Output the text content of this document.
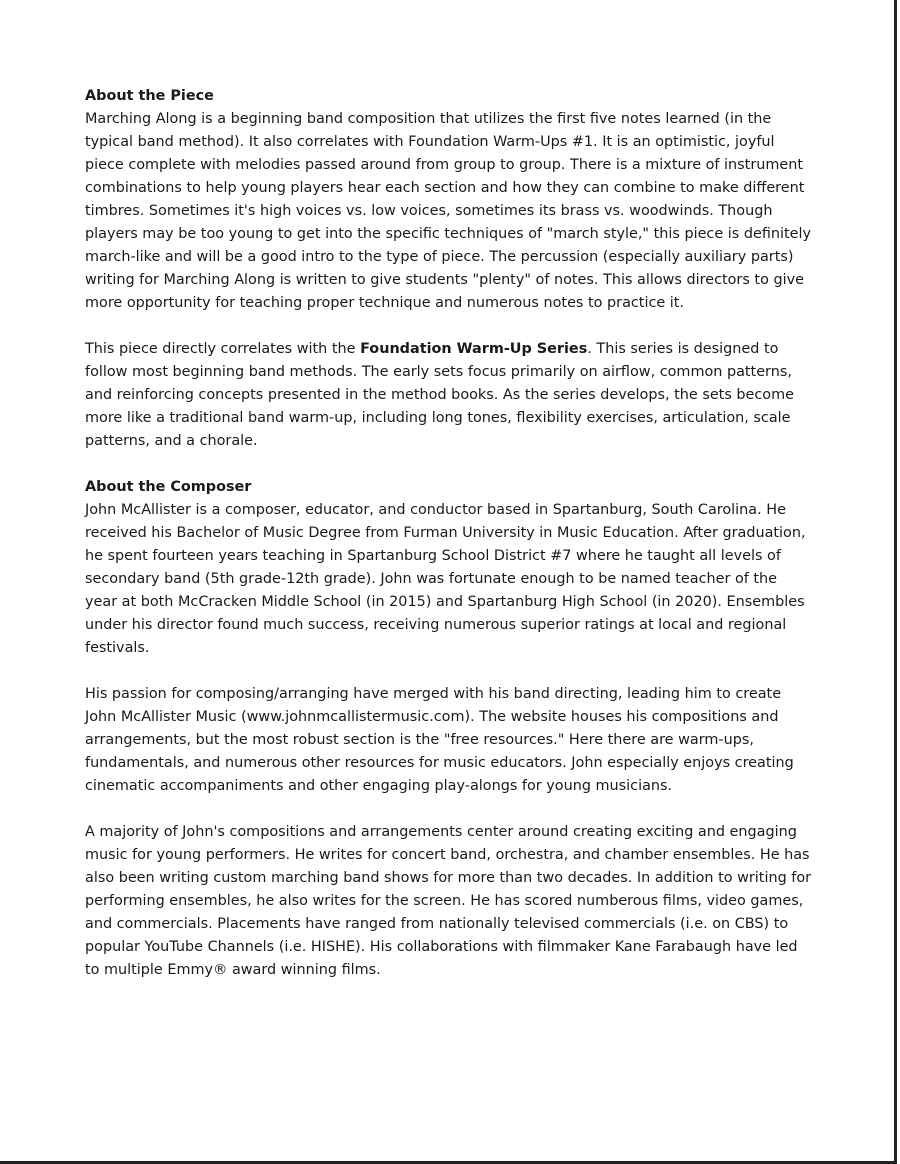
About the Piece

Marching Along is a beginning band composition that utilizes the first five notes learned (in the typical band method). It also correlates with Foundation Warm-Ups #1. It is an optimistic, joyful piece complete with melodies passed around from group to group. There is a mixture of instrument combinations to help young players hear each section and how they can combine to make different timbres. Sometimes it's high voices vs. low voices, sometimes its brass vs. woodwinds. Though players may be too young to get into the specific techniques of "march style," this piece is definitely march-like and will be a good intro to the type of piece. The percussion (especially auxiliary parts) writing for Marching Along is written to give students "plenty" of notes. This allows directors to give more opportunity for teaching proper technique and numerous notes to practice it.

This piece directly correlates with the Foundation Warm-Up Series. This series is designed to follow most beginning band methods. The early sets focus primarily on airflow, common patterns, and reinforcing concepts presented in the method books. As the series develops, the sets become more like a traditional band warm-up, including long tones, flexibility exercises, articulation, scale patterns, and a chorale.

About the Composer

John McAllister is a composer, educator, and conductor based in Spartanburg, South Carolina. He received his Bachelor of Music Degree from Furman University in Music Education. After graduation, he spent fourteen years teaching in Spartanburg School District #7 where he taught all levels of secondary band (5th grade-12th grade). John was fortunate enough to be named teacher of the year at both McCracken Middle School (in 2015) and Spartanburg High School (in 2020). Ensembles under his director found much success, receiving numerous superior ratings at local and regional festivals.

His passion for composing/arranging have merged with his band directing, leading him to create John McAllister Music (www.johnmcallistermusic.com). The website houses his compositions and arrangements, but the most robust section is the "free resources." Here there are warm-ups, fundamentals, and numerous other resources for music educators. John especially enjoys creating cinematic accompaniments and other engaging play-alongs for young musicians.

A majority of John's compositions and arrangements center around creating exciting and engaging music for young performers. He writes for concert band, orchestra, and chamber ensembles. He has also been writing custom marching band shows for more than two decades. In addition to writing for performing ensembles, he also writes for the screen. He has scored numberous films, video games, and commercials. Placements have ranged from nationally televised commercials (i.e. on CBS) to popular YouTube Channels (i.e. HISHE). His collaborations with filmmaker Kane Farabaugh have led to multiple Emmy® award winning films.
